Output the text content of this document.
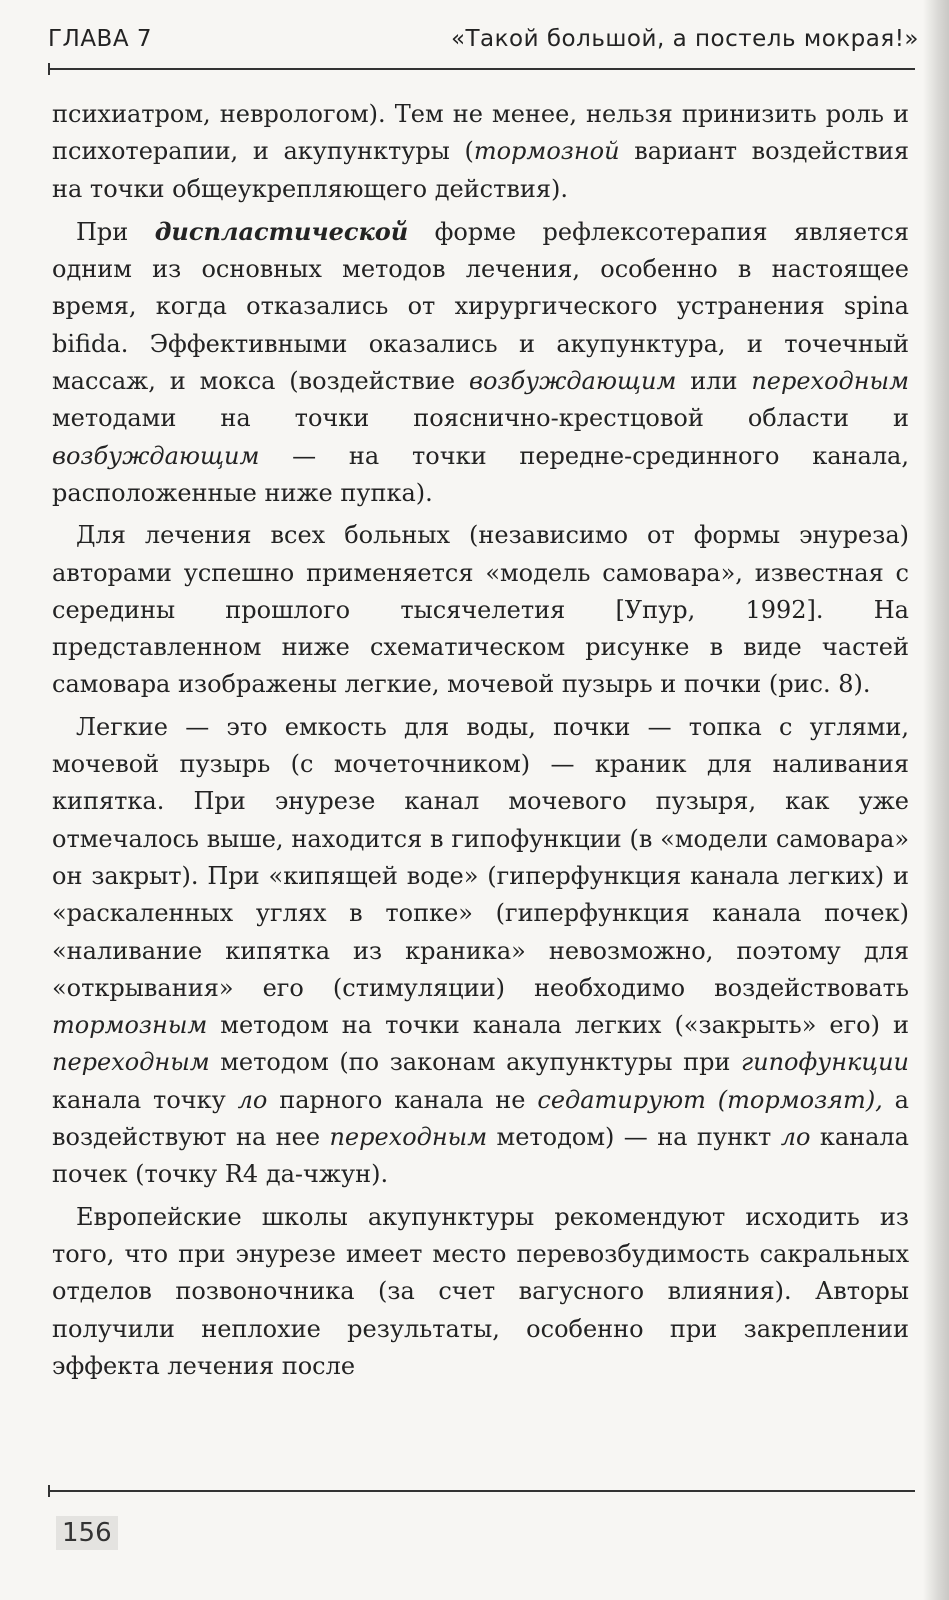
ГЛАВА 7	«Такой большой, а постель мокрая!»

психиатром, неврологом). Тем не менее, нельзя принизить роль и психотерапии, и акупунктуры (тормозной вариант воздействия на точки общеукрепляющего действия).

При диспластической форме рефлексотерапия является одним из основных методов лечения, особенно в настоящее время, когда отказались от хирургического устранения spina bifida. Эффективными оказались и акупунктура, и точечный массаж, и мокса (воздействие возбуждающим или переходным методами на точки пояснично-крестцовой области и возбуждающим — на точки передне-срединного канала, расположенные ниже пупка).

Для лечения всех больных (независимо от формы энуреза) авторами успешно применяется «модель самовара», известная с середины прошлого тысячелетия [Упур, 1992]. На представленном ниже схематическом рисунке в виде частей самовара изображены легкие, мочевой пузырь и почки (рис. 8).

Легкие — это емкость для воды, почки — топка с углями, мочевой пузырь (с мочеточником) — краник для наливания кипятка. При энурезе канал мочевого пузыря, как уже отмечалось выше, находится в гипофункции (в «модели самовара» он закрыт). При «кипящей воде» (гиперфункция канала легких) и «раскаленных углях в топке» (гиперфункция канала почек) «наливание кипятка из краника» невозможно, поэтому для «открывания» его (стимуляции) необходимо воздействовать тормозным методом на точки канала легких («закрыть» его) и переходным методом (по законам акупунктуры при гипофункции канала точку ло парного канала не седатируют (тормозят), а воздействуют на нее переходным методом) — на пункт ло канала почек (точку R4 да-чжун).

Европейские школы акупунктуры рекомендуют исходить из того, что при энурезе имеет место перевозбудимость сакральных отделов позвоночника (за счет вагусного влияния). Авторы получили неплохие результаты, особенно при закреплении эффекта лечения после

156
